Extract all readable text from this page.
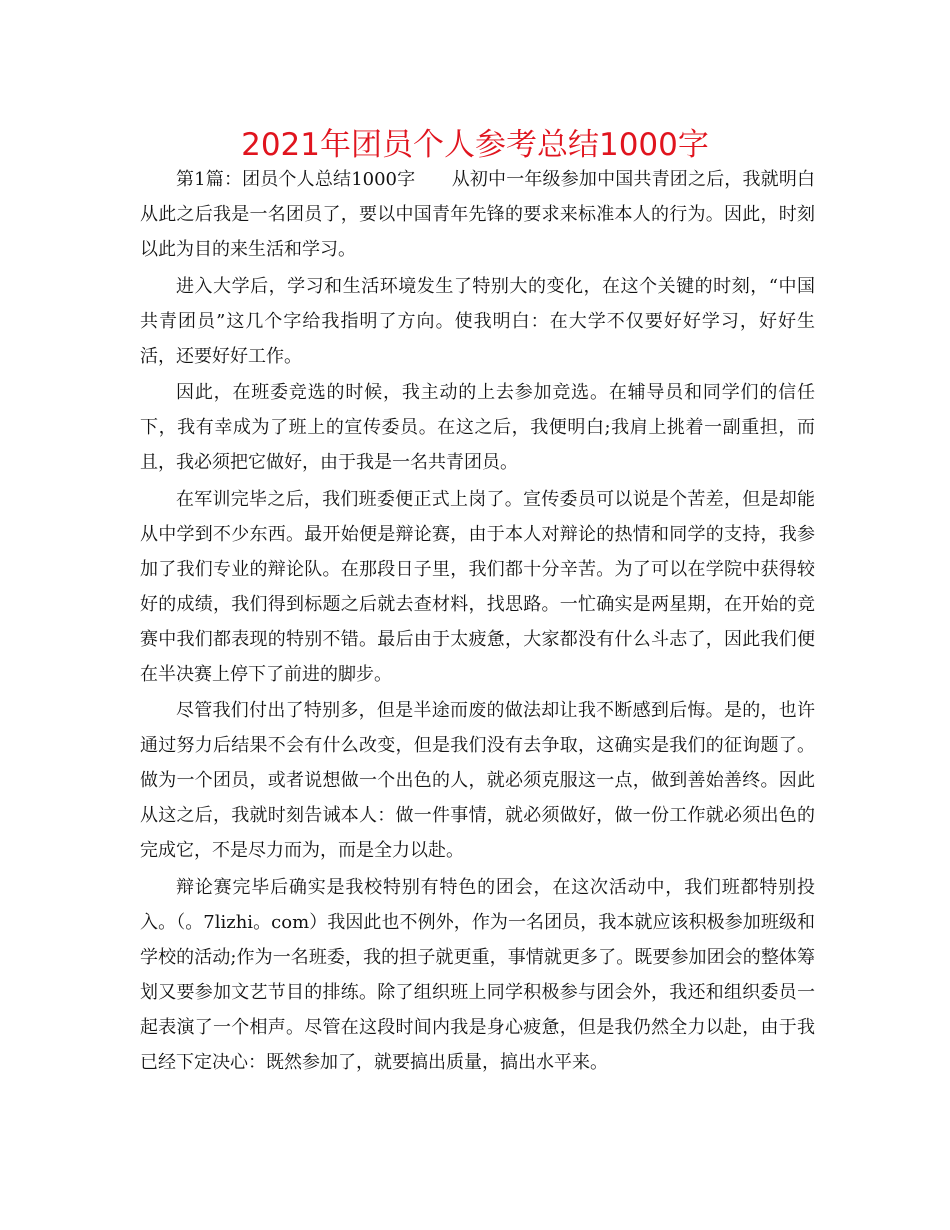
2021年团员个人参考总结1000字

第1篇：团员个人总结1000字　　从初中一年级参加中国共青团之后，我就明白从此之后我是一名团员了，要以中国青年先锋的要求来标准本人的行为。因此，时刻以此为目的来生活和学习。

进入大学后，学习和生活环境发生了特别大的变化，在这个关键的时刻，“中国共青团员”这几个字给我指明了方向。使我明白：在大学不仅要好好学习，好好生活，还要好好工作。

因此，在班委竞选的时候，我主动的上去参加竞选。在辅导员和同学们的信任下，我有幸成为了班上的宣传委员。在这之后，我便明白;我肩上挑着一副重担，而且，我必须把它做好，由于我是一名共青团员。

在军训完毕之后，我们班委便正式上岗了。宣传委员可以说是个苦差，但是却能从中学到不少东西。最开始便是辩论赛，由于本人对辩论的热情和同学的支持，我参加了我们专业的辩论队。在那段日子里，我们都十分辛苦。为了可以在学院中获得较好的成绩，我们得到标题之后就去查材料，找思路。一忙确实是两星期，在开始的竞赛中我们都表现的特别不错。最后由于太疲惫，大家都没有什么斗志了，因此我们便在半决赛上停下了前进的脚步。

尽管我们付出了特别多，但是半途而废的做法却让我不断感到后悔。是的，也许通过努力后结果不会有什么改变，但是我们没有去争取，这确实是我们的征询题了。做为一个团员，或者说想做一个出色的人，就必须克服这一点，做到善始善终。因此从这之后，我就时刻告诫本人：做一件事情，就必须做好，做一份工作就必须出色的完成它，不是尽力而为，而是全力以赴。

辩论赛完毕后确实是我校特别有特色的团会，在这次活动中，我们班都特别投入。（。7lizhi。com）我因此也不例外，作为一名团员，我本就应该积极参加班级和学校的活动;作为一名班委，我的担子就更重，事情就更多了。既要参加团会的整体筹划又要参加文艺节目的排练。除了组织班上同学积极参与团会外，我还和组织委员一起表演了一个相声。尽管在这段时间内我是身心疲惫，但是我仍然全力以赴，由于我已经下定决心：既然参加了，就要搞出质量，搞出水平来。
